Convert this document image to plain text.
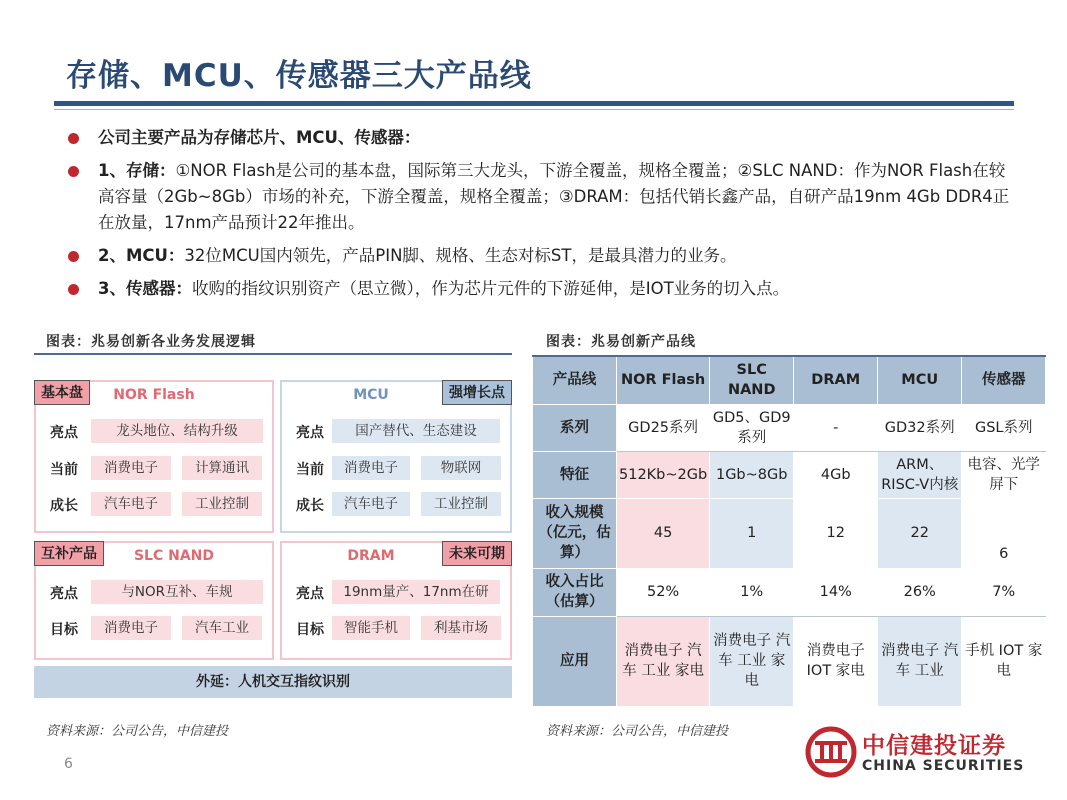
存储、MCU、传感器三大产品线
公司主要产品为存储芯片、MCU、传感器：
1、存储：①NOR Flash是公司的基本盘，国际第三大龙头，下游全覆盖，规格全覆盖；②SLC NAND：作为NOR Flash在较高容量（2Gb~8Gb）市场的补充，下游全覆盖，规格全覆盖；③DRAM：包括代销长鑫产品，自研产品19nm 4Gb DDR4正在放量，17nm产品预计22年推出。
2、MCU：32位MCU国内领先，产品PIN脚、规格、生态对标ST，是最具潜力的业务。
3、传感器：收购的指纹识别资产（思立微），作为芯片元件的下游延伸，是IOT业务的切入点。
图表：兆易创新各业务发展逻辑
基本盘	NOR Flash
亮点	龙头地位、结构升级
当前	消费电子	计算通讯
成长	汽车电子	工业控制
强增长点
MCU
亮点	国产替代、生态建设
当前	消费电子	物联网
成长	汽车电子	工业控制
互补产品	SLC NAND
亮点	与NOR互补、车规
目标	消费电子	汽车工业
未来可期
DRAM
亮点	19nm量产、17nm在研
目标	智能手机	利基市场
外延：人机交互指纹识别
资料来源：公司公告，中信建投
图表：兆易创新产品线
产品线	NOR Flash	SLC NAND	DRAM	MCU	传感器
系列	GD25系列	GD5、GD9系列	-	GD32系列	GSL系列
特征	512Kb~2Gb	1Gb~8Gb	4Gb	ARM、RISC-V内核	电容、光学屏下
收入规模（亿元，估算）	45	1	12	22	6
收入占比（估算）	52%	1%	14%	26%	7%
应用	消费电子 汽车 工业 家电	消费电子 汽车 工业 家电	消费电子 IOT 家电	消费电子 汽车 工业	手机 IOT 家电
资料来源：公司公告，中信建投
6
中信建投证券
CHINA SECURITIES
